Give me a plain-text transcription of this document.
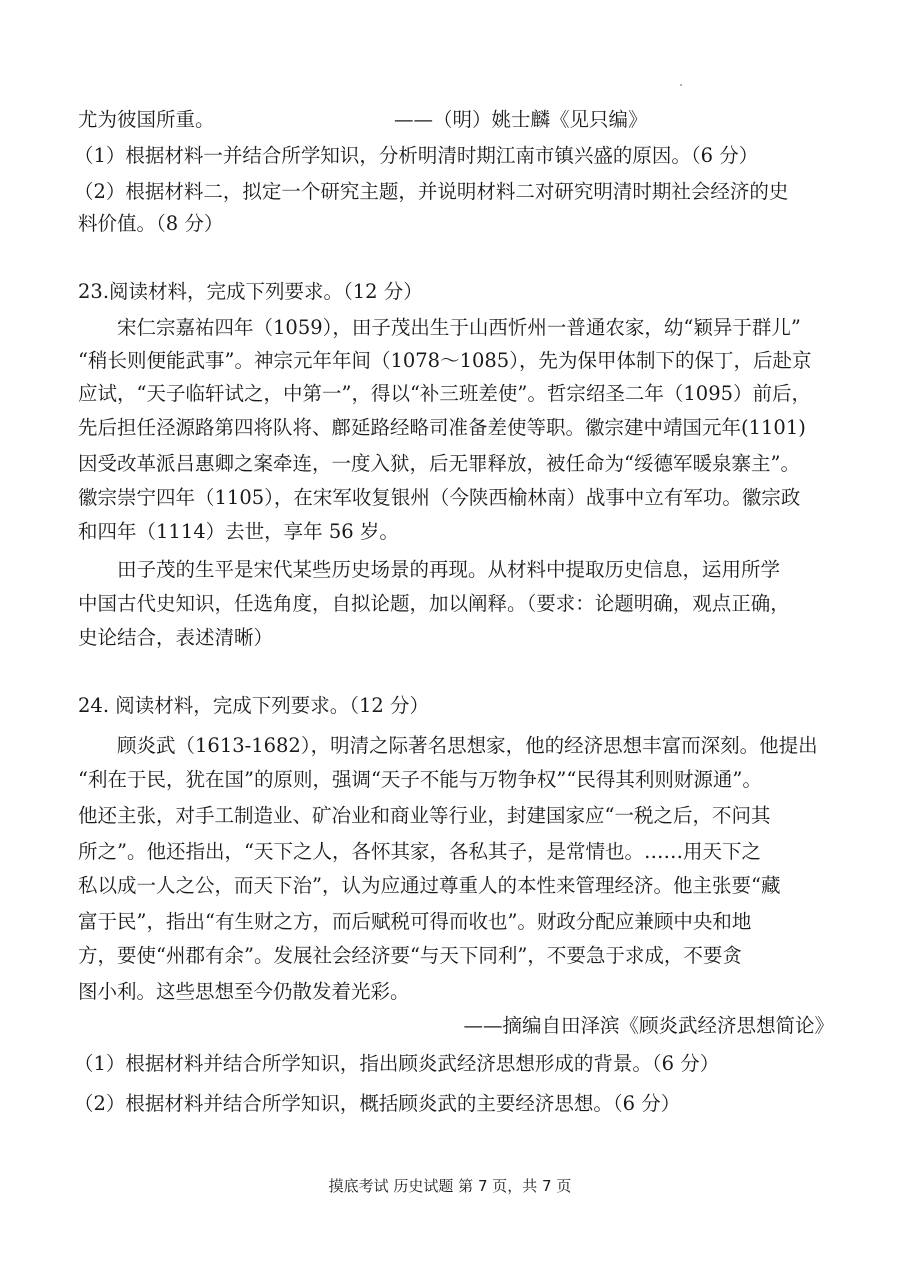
尤为彼国所重。	——（明）姚士麟《见只编》
（1）根据材料一并结合所学知识，分析明清时期江南市镇兴盛的原因。（6 分）
（2）根据材料二，拟定一个研究主题，并说明材料二对研究明清时期社会经济的史
料价值。（8 分）
23.阅读材料，完成下列要求。（12 分）
宋仁宗嘉祐四年（1059），田子茂出生于山西忻州一普通农家，幼“颖异于群儿”
“稍长则便能武事”。神宗元年年间（1078～1085），先为保甲体制下的保丁，后赴京
应试，“天子临轩试之，中第一”，得以“补三班差使”。哲宗绍圣二年（1095）前后，
先后担任泾源路第四将队将、鄜延路经略司准备差使等职。徽宗建中靖国元年(1101)
因受改革派吕惠卿之案牵连，一度入狱，后无罪释放，被任命为“绥德军暖泉寨主”。
徽宗崇宁四年（1105），在宋军收复银州（今陕西榆林南）战事中立有军功。徽宗政
和四年（1114）去世，享年 56 岁。
田子茂的生平是宋代某些历史场景的再现。从材料中提取历史信息，运用所学
中国古代史知识，任选角度，自拟论题，加以阐释。（要求：论题明确，观点正确，
史论结合，表述清晰）
24. 阅读材料，完成下列要求。（12 分）
顾炎武（1613-1682），明清之际著名思想家，他的经济思想丰富而深刻。他提出
“利在于民，犹在国”的原则，强调“天子不能与万物争权”“民得其利则财源通”。
他还主张，对手工制造业、矿冶业和商业等行业，封建国家应“一税之后，不问其
所之”。他还指出，“天下之人，各怀其家，各私其子，是常情也。……用天下之
私以成一人之公，而天下治”，认为应通过尊重人的本性来管理经济。他主张要“藏
富于民”，指出“有生财之方，而后赋税可得而收也”。财政分配应兼顾中央和地
方，要使“州郡有余”。发展社会经济要“与天下同利”，不要急于求成，不要贪
图小利。这些思想至今仍散发着光彩。
——摘编自田泽滨《顾炎武经济思想简论》
（1）根据材料并结合所学知识，指出顾炎武经济思想形成的背景。（6 分）
（2）根据材料并结合所学知识，概括顾炎武的主要经济思想。（6 分）
摸底考试 历史试题 第 7 页，共 7 页
